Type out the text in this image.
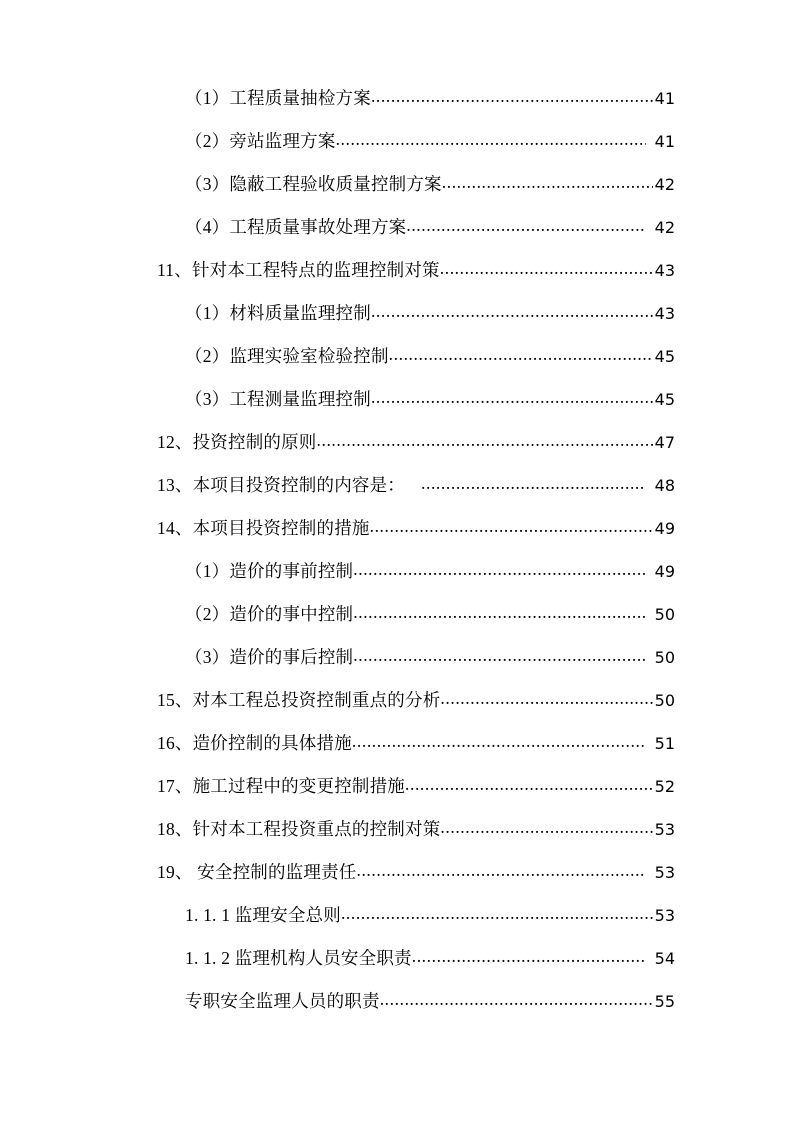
（1）工程质量抽检方案 .....	41
（2）旁站监理方案 .....	41
（3）隐蔽工程验收质量控制方案 .....	42
（4）工程质量事故处理方案 .....	42
11、针对本工程特点的监理控制对策 .....	43
（1）材料质量监理控制 .....	43
（2）监理实验室检验控制 .....	45
（3）工程测量监理控制 .....	45
12、投资控制的原则 .....	47
13、本项目投资控制的内容是： .....	48
14、本项目投资控制的措施 .....	49
（1）造价的事前控制 .....	49
（2）造价的事中控制 .....	50
（3）造价的事后控制 .....	50
15、对本工程总投资控制重点的分析 .....	50
16、造价控制的具体措施 .....	51
17、施工过程中的变更控制措施 .....	52
18、针对本工程投资重点的控制对策 .....	53
19、 安全控制的监理责任 .....	53
1. 1. 1 监理安全总则 .....	53
1. 1. 2 监理机构人员安全职责 .....	54
专职安全监理人员的职责 .....	55
